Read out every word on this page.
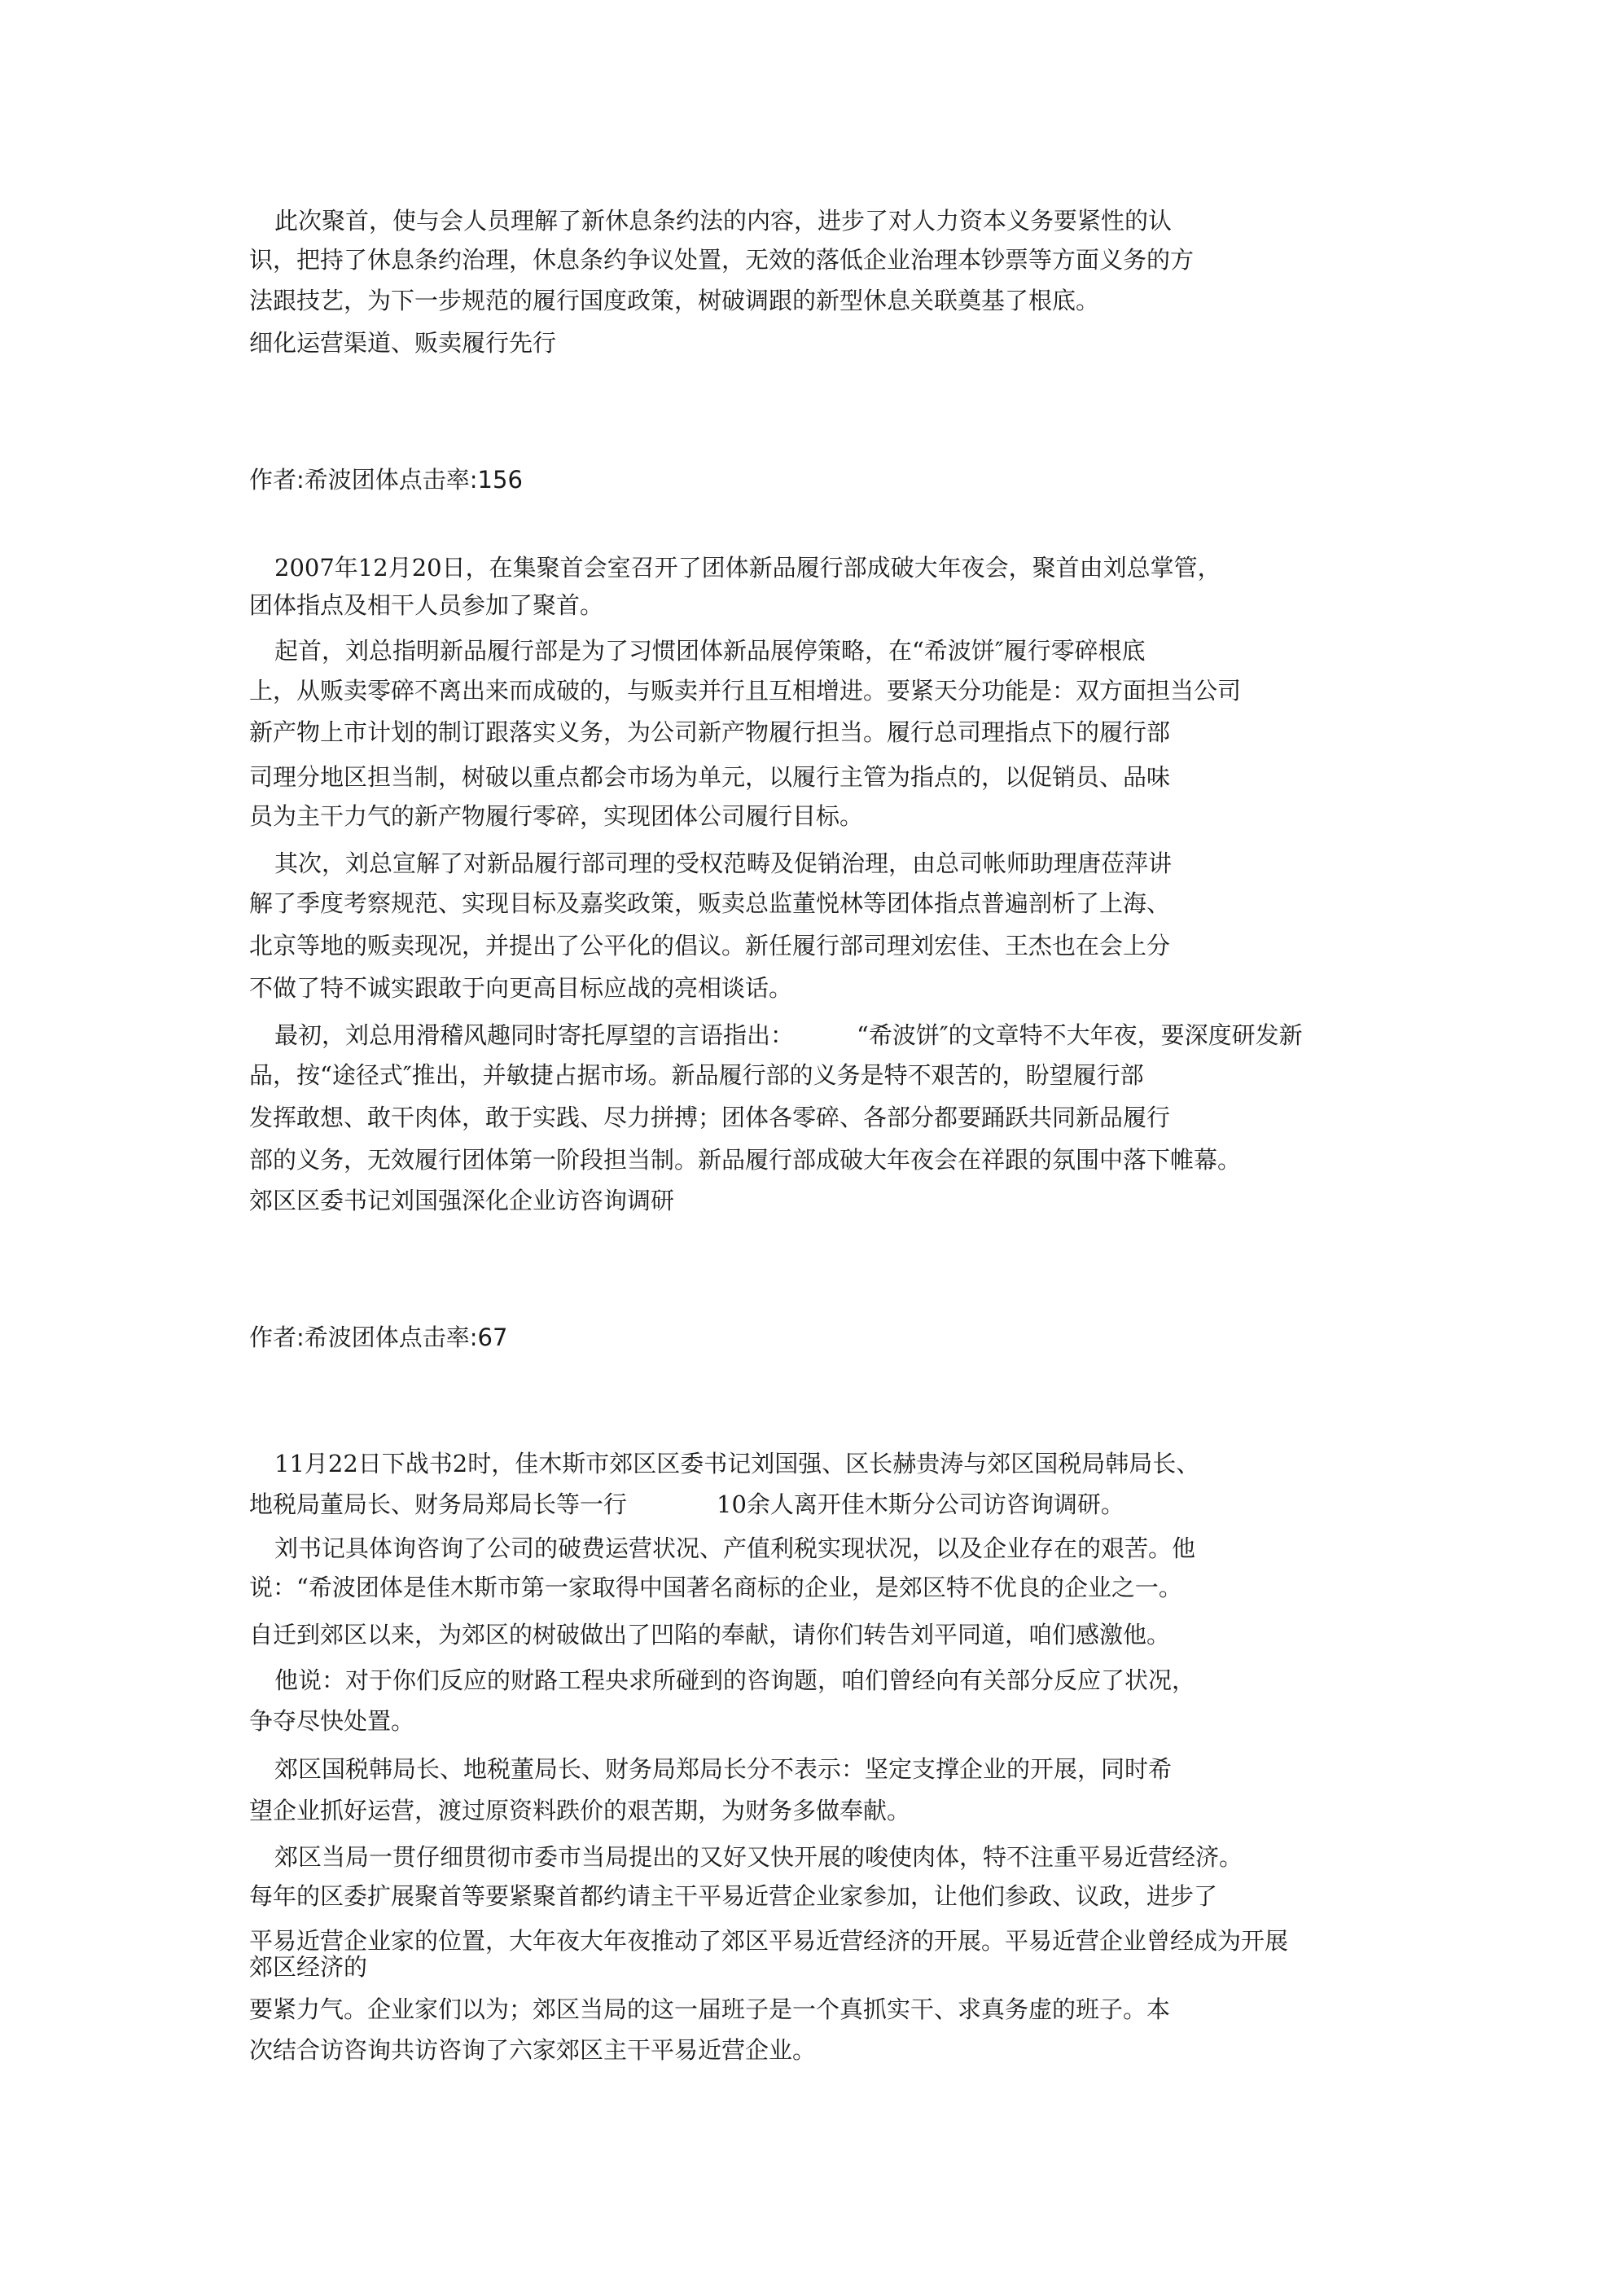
此次聚首，使与会人员理解了新休息条约法的内容，进步了对人力资本义务要紧性的认
识，把持了休息条约治理，休息条约争议处置，无效的落低企业治理本钞票等方面义务的方
法跟技艺，为下一步规范的履行国度政策，树破调跟的新型休息关联奠基了根底。
细化运营渠道、贩卖履行先行
作者:希波团体点击率:156
2007年12月20日，在集聚首会室召开了团体新品履行部成破大年夜会，聚首由刘总掌管，
团体指点及相干人员参加了聚首。
起首，刘总指明新品履行部是为了习惯团体新品展停策略，在“希波饼″履行零碎根底
上，从贩卖零碎不离出来而成破的，与贩卖并行且互相增进。要紧天分功能是：双方面担当公司
新产物上市计划的制订跟落实义务，为公司新产物履行担当。履行总司理指点下的履行部
司理分地区担当制，树破以重点都会市场为单元，以履行主管为指点的，以促销员、品味
员为主干力气的新产物履行零碎，实现团体公司履行目标。
其次，刘总宣解了对新品履行部司理的受权范畴及促销治理，由总司帐师助理唐莅萍讲
解了季度考察规范、实现目标及嘉奖政策，贩卖总监董悦林等团体指点普遍剖析了上海、
北京等地的贩卖现况，并提出了公平化的倡议。新任履行部司理刘宏佳、王杰也在会上分
不做了特不诚实跟敢于向更高目标应战的亮相谈话。
最初，刘总用滑稽风趣同时寄托厚望的言语指出：	“希波饼″的文章特不大年夜，要深度研发新
品，按“途径式″推出，并敏捷占据市场。新品履行部的义务是特不艰苦的，盼望履行部
发挥敢想、敢干肉体，敢于实践、尽力拼搏；团体各零碎、各部分都要踊跃共同新品履行
部的义务，无效履行团体第一阶段担当制。新品履行部成破大年夜会在祥跟的氛围中落下帷幕。
郊区区委书记刘国强深化企业访咨询调研
作者:希波团体点击率:67
11月22日下战书2时，佳木斯市郊区区委书记刘国强、区长赫贵涛与郊区国税局韩局长、
地税局董局长、财务局郑局长等一行	10余人离开佳木斯分公司访咨询调研。
刘书记具体询咨询了公司的破费运营状况、产值利税实现状况，以及企业存在的艰苦。他
说：“希波团体是佳木斯市第一家取得中国著名商标的企业，是郊区特不优良的企业之一。
自迁到郊区以来，为郊区的树破做出了凹陷的奉献，请你们转告刘平同道，咱们感激他。
他说：对于你们反应的财路工程央求所碰到的咨询题，咱们曾经向有关部分反应了状况，
争夺尽快处置。
郊区国税韩局长、地税董局长、财务局郑局长分不表示：坚定支撑企业的开展，同时希
望企业抓好运营，渡过原资料跌价的艰苦期，为财务多做奉献。
郊区当局一贯仔细贯彻市委市当局提出的又好又快开展的唆使肉体，特不注重平易近营经济。
每年的区委扩展聚首等要紧聚首都约请主干平易近营企业家参加，让他们参政、议政，进步了
平易近营企业家的位置，大年夜大年夜推动了郊区平易近营经济的开展。平易近营企业曾经成为开展
郊区经济的
要紧力气。企业家们以为；郊区当局的这一届班子是一个真抓实干、求真务虚的班子。本
次结合访咨询共访咨询了六家郊区主干平易近营企业。
